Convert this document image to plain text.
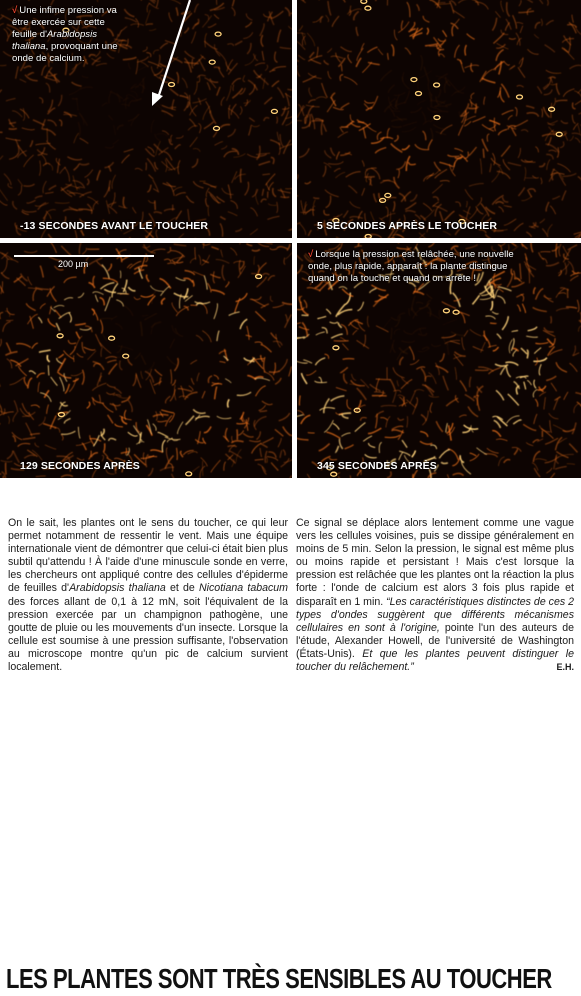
√ Une infime pression va être exercée sur cette feuille d'Arabidopsis thaliana, provoquant une onde de calcium.
-13 SECONDES AVANT LE TOUCHER	5 SECONDES APRÈS LE TOUCHER
129 SECONDES APRÈS	345 SECONDES APRÈS
200 µm
√ Lorsque la pression est relâchée, une nouvelle onde, plus rapide, apparaît : la plante distingue quand on la touche et quand on arrête !
LES PLANTES SONT TRÈS SENSIBLES AU TOUCHER

On le sait, les plantes ont le sens du toucher, ce qui leur permet notamment de ressentir le vent. Mais une équipe internationale vient de démontrer que celui-ci était bien plus subtil qu'attendu ! À l'aide d'une minuscule sonde en verre, les chercheurs ont appliqué contre des cellules d'épiderme de feuilles d'Arabidopsis thaliana et de Nicotiana tabacum des forces allant de 0,1 à 12 mN, soit l'équivalent de la pression exercée par un champignon pathogène, une goutte de pluie ou les mouvements d'un insecte. Lorsque la cellule est soumise à une pression suffisante, l'observation au microscope montre qu'un pic de calcium survient localement.

Ce signal se déplace alors lentement comme une vague vers les cellules voisines, puis se dissipe généralement en moins de 5 min. Selon la pression, le signal est même plus ou moins rapide et persistant ! Mais c'est lorsque la pression est relâchée que les plantes ont la réaction la plus forte : l'onde de calcium est alors 3 fois plus rapide et disparaît en 1 min. “Les caractéristiques distinctes de ces 2 types d'ondes suggèrent que différents mécanismes cellulaires en sont à l'origine, pointe l'un des auteurs de l'étude, Alexander Howell, de l'université de Washington (États-Unis). Et que les plantes peuvent distinguer le toucher du relâchement.”	E.H.
